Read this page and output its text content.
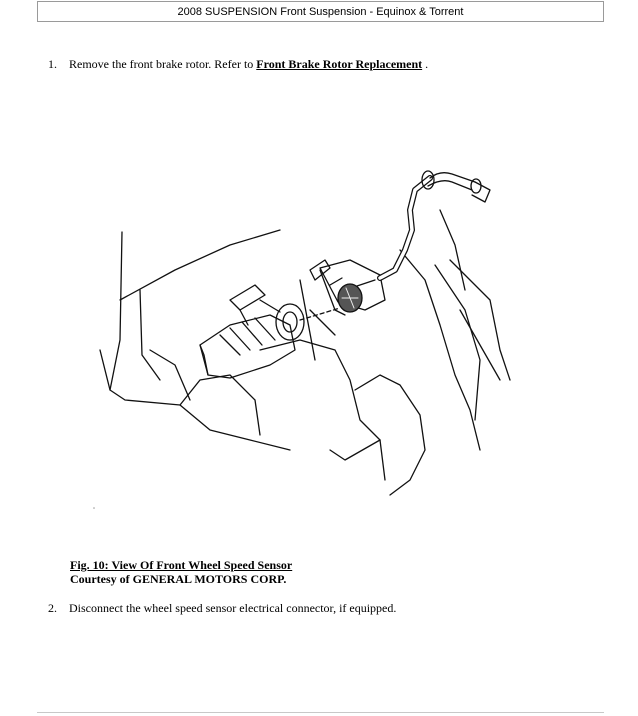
2008 SUSPENSION Front Suspension - Equinox & Torrent
1. Remove the front brake rotor. Refer to Front Brake Rotor Replacement .
Fig. 10: View Of Front Wheel Speed Sensor
Courtesy of GENERAL MOTORS CORP.
2. Disconnect the wheel speed sensor electrical connector, if equipped.
